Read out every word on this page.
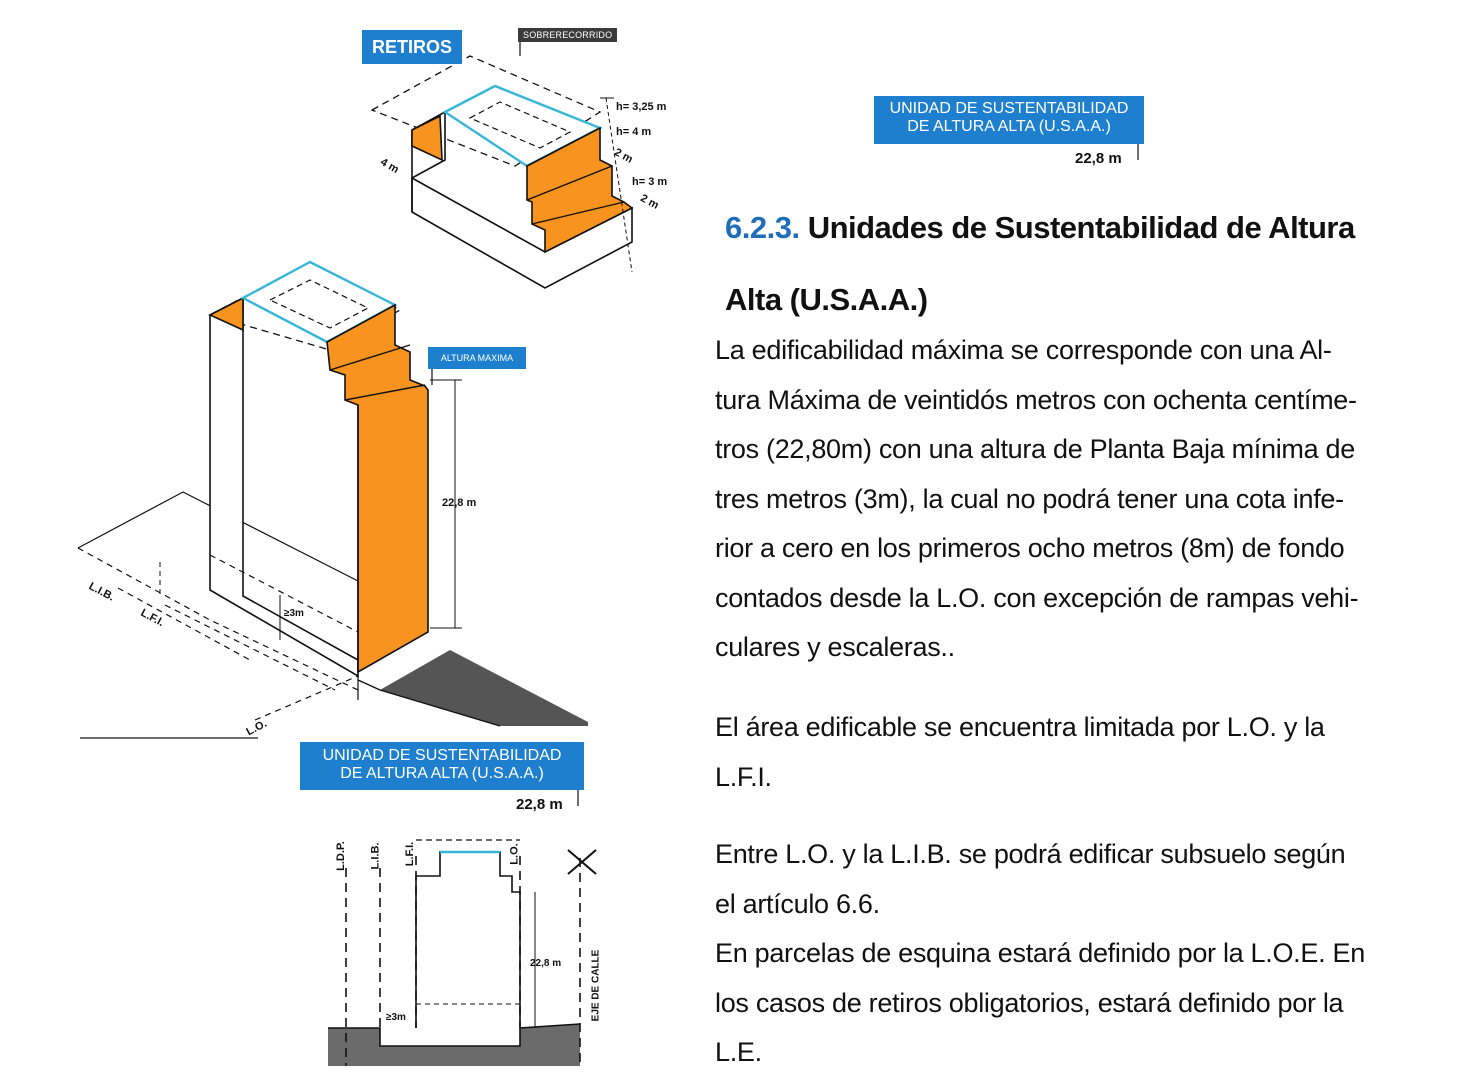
RETIROS
SOBRERECORRIDO
h= 3,25 m
h= 4 m
2 m
h= 3 m
2 m
4 m
ALTURA MAXIMA
22,8 m
≥3m
L.I.B.
L.F.I.
L.O.
UNIDAD DE SUSTENTABILIDAD
DE ALTURA ALTA (U.S.A.A.)
22,8 m
UNIDAD DE SUSTENTABILIDAD
DE ALTURA ALTA (U.S.A.A.)
22,8 m
L.D.P. L.I.B. L.F.I.	L.O.
22,8 m
≥3m	EJE DE CALLE
6.2.3. Unidades de Sustentabilidad de Altura
Alta (U.S.A.A.)

La edificabilidad máxima se corresponde con una Al-

tura Máxima de veintidós metros con ochenta centíme-

tros (22,80m) con una altura de Planta Baja mínima de

tres metros (3m), la cual no podrá tener una cota infe-

rior a cero en los primeros ocho metros (8m) de fondo

contados desde la L.O. con excepción de rampas vehi-

culares y escaleras..

El área edificable se encuentra limitada por L.O. y la

L.F.I.

Entre L.O. y la L.I.B. se podrá edificar subsuelo según

el artículo 6.6.

En parcelas de esquina estará definido por la L.O.E. En

los casos de retiros obligatorios, estará definido por la

L.E.
